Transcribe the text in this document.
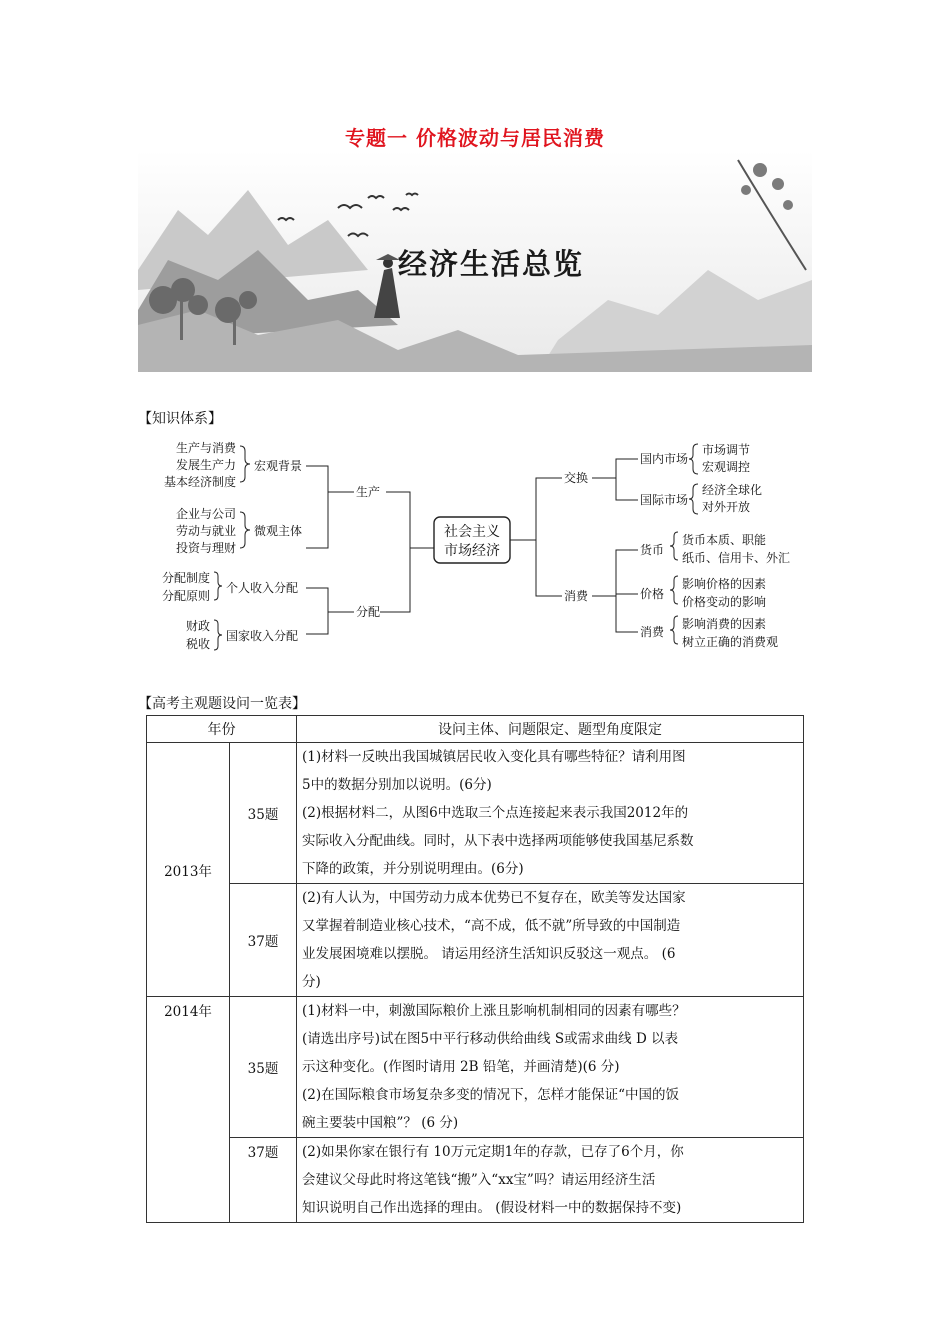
专题一 价格波动与居民消费
经济生活总览
【知识体系】
生产与消费
发展生产力
基本经济制度
宏观背景
企业与公司
劳动与就业
投资与理财
微观主体
生产
分配制度
分配原则
个人收入分配
财政
税收
国家收入分配
分配
社会主义
市场经济
交换
国内市场
市场调节
宏观调控
国际市场
经济全球化
对外开放
消费
货币
货币本质、职能
纸币、信用卡、外汇
价格
影响价格的因素
价格变动的影响
消费
影响消费的因素
树立正确的消费观
【高考主观题设问一览表】
年份		设问主体、问题限定、题型角度限定
2013年	35题	(1)材料一反映出我国城镇居民收入变化具有哪些特征？请利用图
5中的数据分别加以说明。(6分)
(2)根据材料二，从图6中选取三个点连接起来表示我国2012年的
实际收入分配曲线。同时，从下表中选择两项能够使我国基尼系数
下降的政策，并分别说明理由。(6分)

	37题	(2)有人认为，中国劳动力成本优势已不复存在，欧美等发达国家
又掌握着制造业核心技术，“高不成，低不就”所导致的中国制造
业发展困境难以摆脱。 请运用经济生活知识反驳这一观点。 (6
分)

2014年	35题	(1)材料一中，刺激国际粮价上涨且影响机制相同的因素有哪些？
(请选出序号)试在图5中平行移动供给曲线 S或需求曲线 D 以表
示这种变化。(作图时请用 2B 铅笔，并画清楚)(6 分)
(2)在国际粮食市场复杂多变的情况下，怎样才能保证“中国的饭
碗主要装中国粮”？ (6 分)

	37题	(2)如果你家在银行有 10万元定期1年的存款，已存了6个月，你
会建议父母此时将这笔钱“搬”入“xx宝”吗？请运用经济生活
知识说明自己作出选择的理由。 (假设材料一中的数据保持不变)
